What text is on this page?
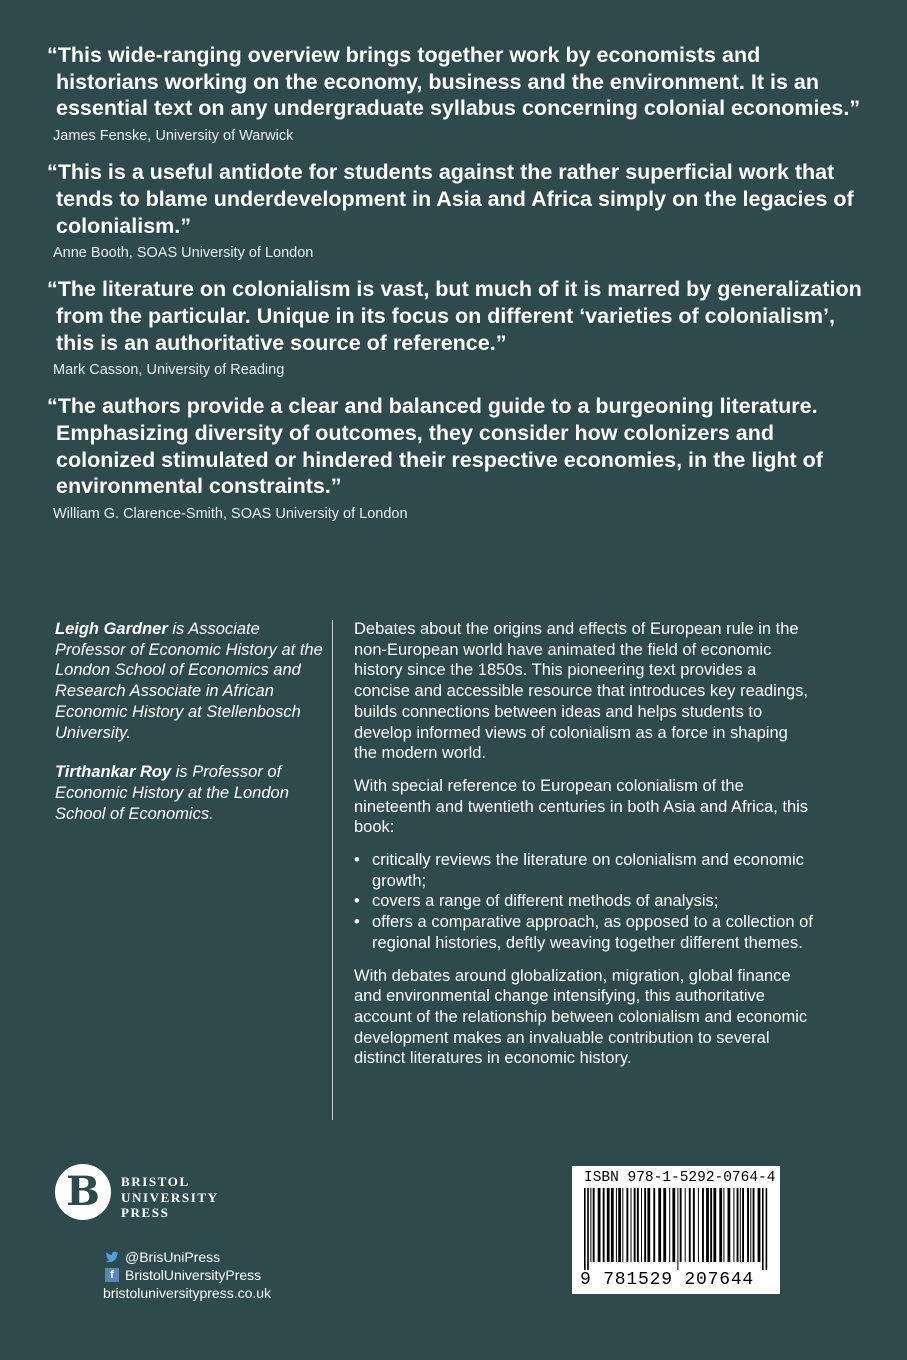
“This wide-ranging overview brings together work by economists and historians working on the economy, business and the environment. It is an essential text on any undergraduate syllabus concerning colonial economies.”

James Fenske, University of Warwick

“This is a useful antidote for students against the rather superficial work that tends to blame underdevelopment in Asia and Africa simply on the legacies of colonialism.”

Anne Booth, SOAS University of London

“The literature on colonialism is vast, but much of it is marred by generalization from the particular. Unique in its focus on different ‘varieties of colonialism’, this is an authoritative source of reference.”

Mark Casson, University of Reading

“The authors provide a clear and balanced guide to a burgeoning literature. Emphasizing diversity of outcomes, they consider how colonizers and colonized stimulated or hindered their respective economies, in the light of environmental constraints.”

William G. Clarence-Smith, SOAS University of London

Leigh Gardner is Associate Professor of Economic History at the London School of Economics and Research Associate in African Economic History at Stellenbosch University.

Tirthankar Roy is Professor of Economic History at the London School of Economics.

Debates about the origins and effects of European rule in the non-European world have animated the field of economic history since the 1850s. This pioneering text provides a concise and accessible resource that introduces key readings, builds connections between ideas and helps students to develop informed views of colonialism as a force in shaping the modern world.

With special reference to European colonialism of the nineteenth and twentieth centuries in both Asia and Africa, this book:

• critically reviews the literature on colonialism and economic growth;
• covers a range of different methods of analysis;
• offers a comparative approach, as opposed to a collection of regional histories, deftly weaving together different themes.

With debates around globalization, migration, global finance and environmental change intensifying, this authoritative account of the relationship between colonialism and economic development makes an invaluable contribution to several distinct literatures in economic history.

B	BRISTOL
UNIVERSITY
PRESS
@BrisUniPress
f BristolUniversityPress
bristoluniversitypress.co.uk
ISBN 978-1-5292-0764-4
9 781529 207644
